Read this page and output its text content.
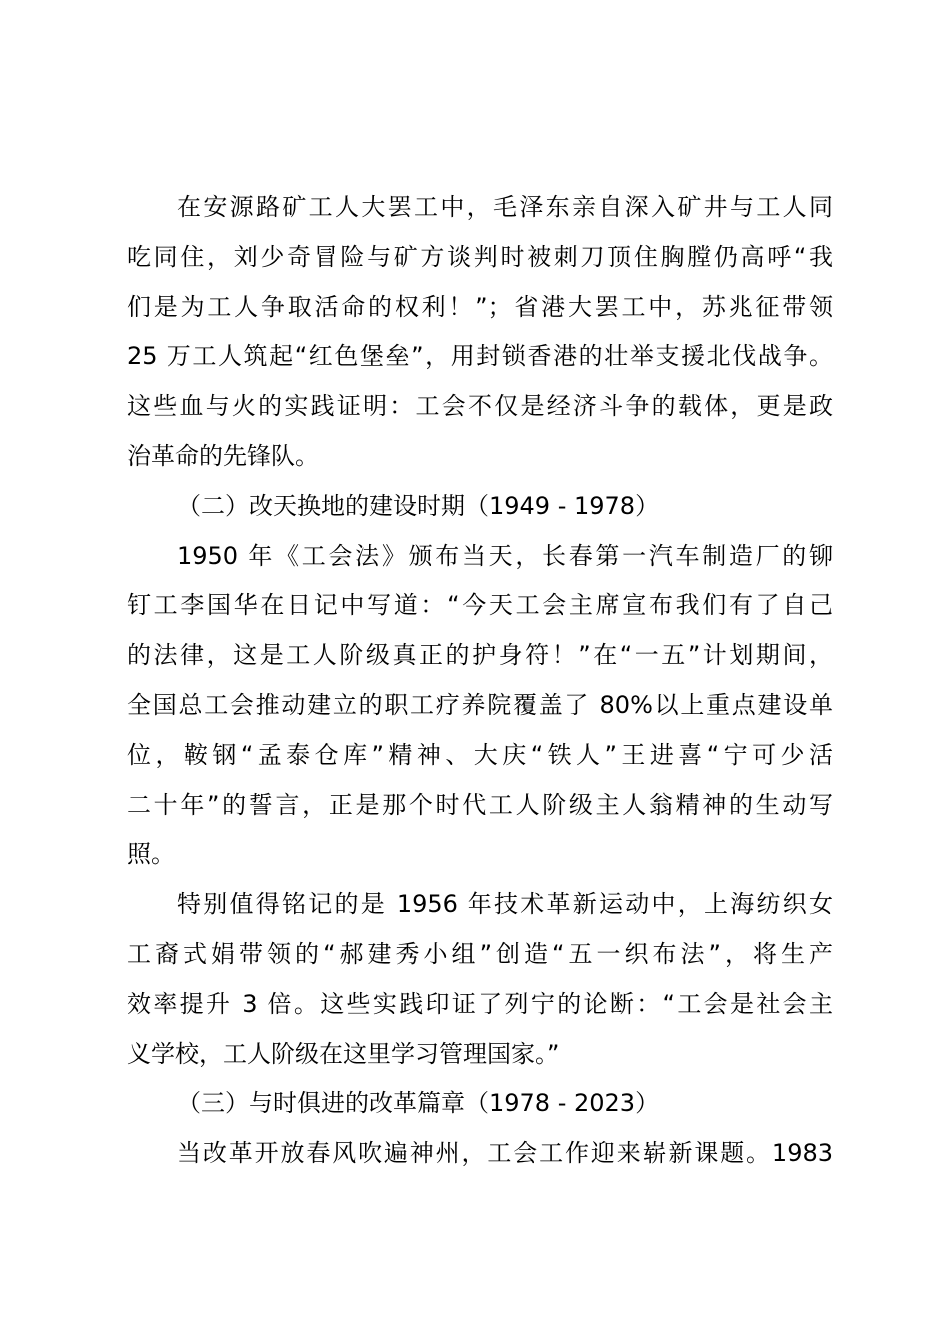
在安源路矿工人大罢工中，毛泽东亲自深入矿井与工人同
吃同住，刘少奇冒险与矿方谈判时被刺刀顶住胸膛仍高呼“我
们是为工人争取活命的权利！”；省港大罢工中，苏兆征带领
25 万工人筑起“红色堡垒”，用封锁香港的壮举支援北伐战争。
这些血与火的实践证明：工会不仅是经济斗争的载体，更是政
治革命的先锋队。
（二）改天换地的建设时期（1949 - 1978）
1950 年《工会法》颁布当天，长春第一汽车制造厂的铆
钉工李国华在日记中写道：“今天工会主席宣布我们有了自己
的法律，这是工人阶级真正的护身符！”在“一五”计划期间，
全国总工会推动建立的职工疗养院覆盖了 80%以上重点建设单
位，鞍钢“孟泰仓库”精神、大庆“铁人”王进喜“宁可少活
二十年”的誓言，正是那个时代工人阶级主人翁精神的生动写
照。
特别值得铭记的是 1956 年技术革新运动中，上海纺织女
工裔式娟带领的“郝建秀小组”创造“五一织布法”，将生产
效率提升 3 倍。这些实践印证了列宁的论断：“工会是社会主
义学校，工人阶级在这里学习管理国家。”
（三）与时俱进的改革篇章（1978 - 2023）
当改革开放春风吹遍神州，工会工作迎来崭新课题。1983
